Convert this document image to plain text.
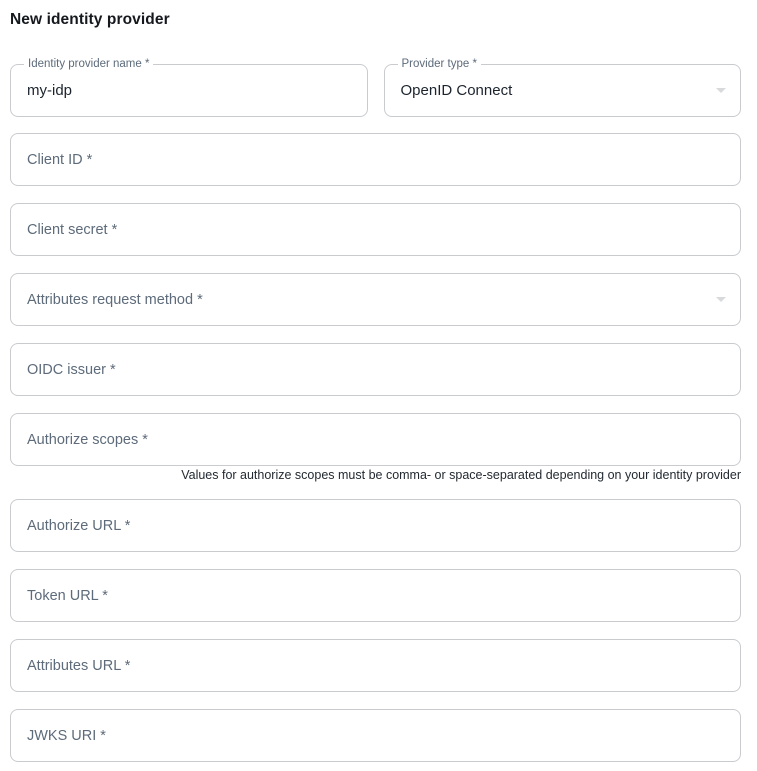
New identity provider
Identity provider name *
my-idp
Provider type *
OpenID Connect
Client ID *
Client secret *
Attributes request method *
OIDC issuer *
Authorize scopes *
Values for authorize scopes must be comma- or space-separated depending on your identity provider
Authorize URL *
Token URL *
Attributes URL *
JWKS URI *
